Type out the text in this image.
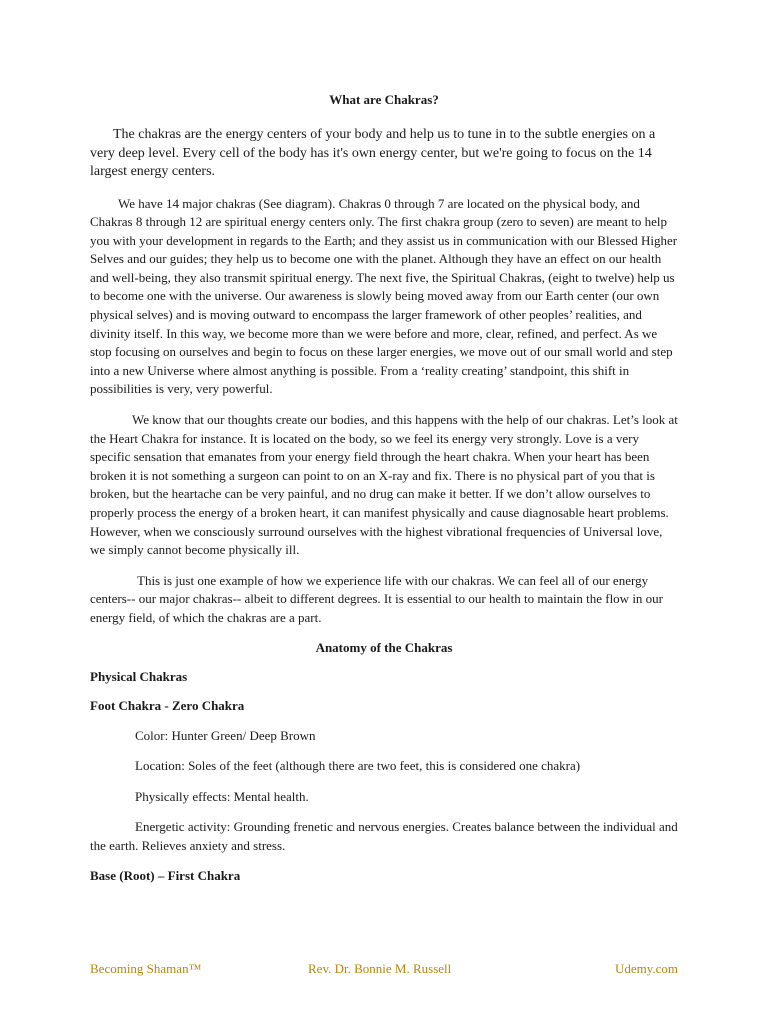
What are Chakras?

The chakras are the energy centers of your body and help us to tune in to the subtle energies on a very deep level. Every cell of the body has it's own energy center, but we're going to focus on the 14 largest energy centers.

We have 14 major chakras (See diagram). Chakras 0 through 7 are located on the physical body, and Chakras 8 through 12 are spiritual energy centers only. The first chakra group (zero to seven) are meant to help you with your development in regards to the Earth; and they assist us in communication with our Blessed Higher Selves and our guides; they help us to become one with the planet. Although they have an effect on our health and well-being, they also transmit spiritual energy. The next five, the Spiritual Chakras, (eight to twelve) help us to become one with the universe. Our awareness is slowly being moved away from our Earth center (our own physical selves) and is moving outward to encompass the larger framework of other peoples’ realities, and divinity itself. In this way, we become more than we were before and more, clear, refined, and perfect. As we stop focusing on ourselves and begin to focus on these larger energies, we move out of our small world and step into a new Universe where almost anything is possible. From a ‘reality creating’ standpoint, this shift in possibilities is very, very powerful.

We know that our thoughts create our bodies, and this happens with the help of our chakras. Let’s look at the Heart Chakra for instance. It is located on the body, so we feel its energy very strongly. Love is a very specific sensation that emanates from your energy field through the heart chakra. When your heart has been broken it is not something a surgeon can point to on an X-ray and fix. There is no physical part of you that is broken, but the heartache can be very painful, and no drug can make it better. If we don’t allow ourselves to properly process the energy of a broken heart, it can manifest physically and cause diagnosable heart problems. However, when we consciously surround ourselves with the highest vibrational frequencies of Universal love, we simply cannot become physically ill.

This is just one example of how we experience life with our chakras. We can feel all of our energy centers-- our major chakras-- albeit to different degrees. It is essential to our health to maintain the flow in our energy field, of which the chakras are a part.

Anatomy of the Chakras
Physical Chakras
Foot Chakra - Zero Chakra

Color: Hunter Green/ Deep Brown

Location: Soles of the feet (although there are two feet, this is considered one chakra)

Physically effects: Mental health.

Energetic activity: Grounding frenetic and nervous energies. Creates balance between the individual and the earth. Relieves anxiety and stress.

Base (Root) – First Chakra
Becoming Shaman™	Rev. Dr. Bonnie M. Russell	Udemy.com
